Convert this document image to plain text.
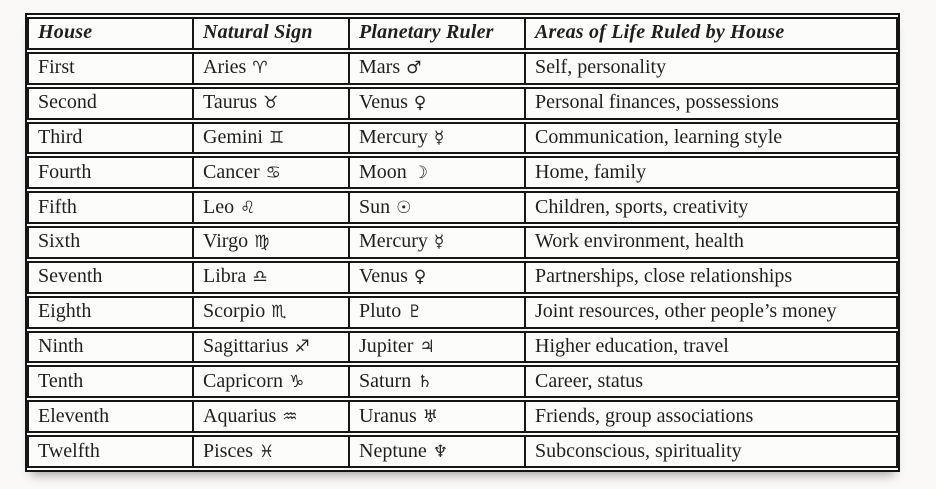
House	Natural Sign	Planetary Ruler	Areas of Life Ruled by House
First	Aries ♈	Mars ♂	Self, personality
Second	Taurus ♉	Venus ♀	Personal finances, possessions
Third	Gemini ♊	Mercury ☿	Communication, learning style
Fourth	Cancer ♋	Moon ☽	Home, family
Fifth	Leo ♌	Sun ☉	Children, sports, creativity
Sixth	Virgo ♍	Mercury ☿	Work environment, health
Seventh	Libra ♎	Venus ♀	Partnerships, close relationships
Eighth	Scorpio ♏	Pluto ♇	Joint resources, other people’s money
Ninth	Sagittarius ♐	Jupiter ♃	Higher education, travel
Tenth	Capricorn ♑	Saturn ♄	Career, status
Eleventh	Aquarius ♒	Uranus ♅	Friends, group associations
Twelfth	Pisces ♓	Neptune ♆	Subconscious, spirituality
